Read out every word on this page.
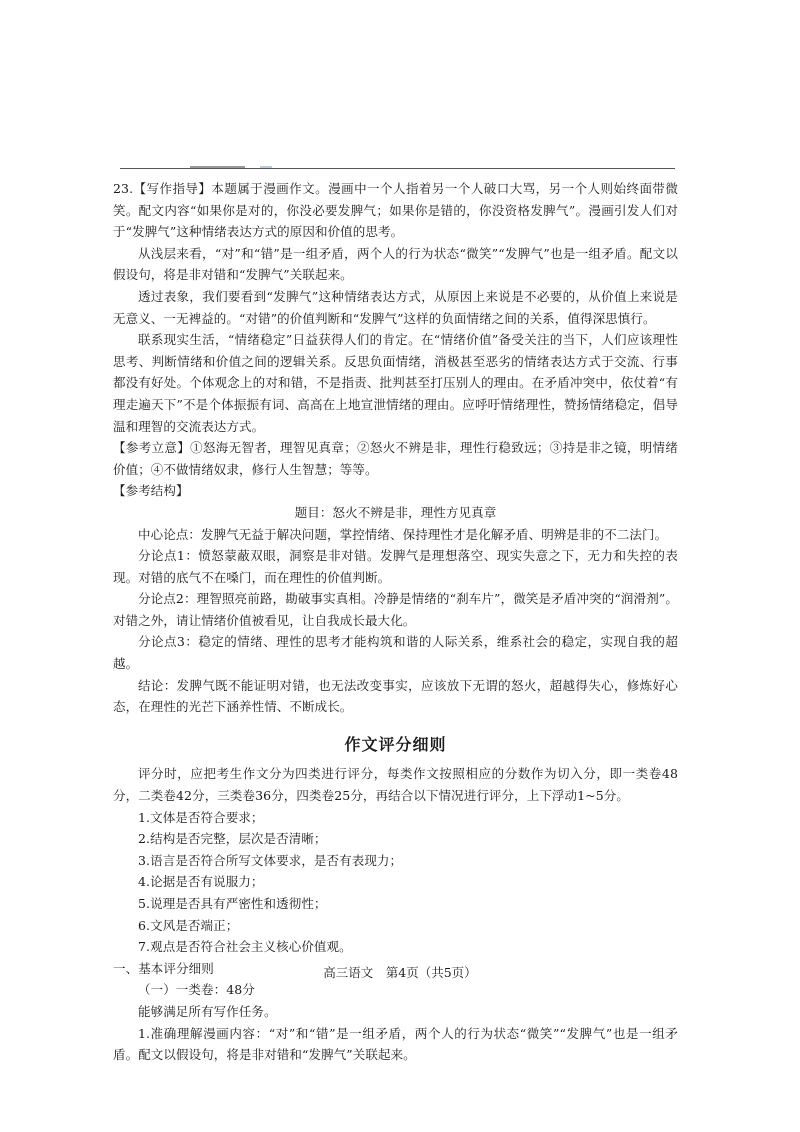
23.【写作指导】本题属于漫画作文。漫画中一个人指着另一个人破口大骂，另一个人则始终面带微笑。配文内容“如果你是对的，你没必要发脾气；如果你是错的，你没资格发脾气”。漫画引发人们对于“发脾气”这种情绪表达方式的原因和价值的思考。

从浅层来看，“对”和“错”是一组矛盾，两个人的行为状态“微笑”“发脾气”也是一组矛盾。配文以假设句，将是非对错和“发脾气”关联起来。

透过表象，我们要看到“发脾气”这种情绪表达方式，从原因上来说是不必要的，从价值上来说是无意义、一无裨益的。“对错”的价值判断和“发脾气”这样的负面情绪之间的关系，值得深思慎行。

联系现实生活，“情绪稳定”日益获得人们的肯定。在“情绪价值”备受关注的当下，人们应该理性思考、判断情绪和价值之间的逻辑关系。反思负面情绪，消极甚至恶劣的情绪表达方式于交流、行事都没有好处。个体观念上的对和错，不是指责、批判甚至打压别人的理由。在矛盾冲突中，依仗着“有理走遍天下”不是个体振振有词、高高在上地宣泄情绪的理由。应呼吁情绪理性，赞扬情绪稳定，倡导温和理智的交流表达方式。

【参考立意】①怒海无智者，理智见真章；②怒火不辨是非，理性行稳致远；③持是非之镜，明情绪价值；④不做情绪奴隶，修行人生智慧；等等。

【参考结构】

题目：怒火不辨是非，理性方见真章

中心论点：发脾气无益于解决问题，掌控情绪、保持理性才是化解矛盾、明辨是非的不二法门。

分论点1：愤怒蒙蔽双眼，洞察是非对错。发脾气是理想落空、现实失意之下，无力和失控的表现。对错的底气不在嗓门，而在理性的价值判断。

分论点2：理智照亮前路，勘破事实真相。冷静是情绪的“刹车片”，微笑是矛盾冲突的“润滑剂”。对错之外，请让情绪价值被看见，让自我成长最大化。

分论点3：稳定的情绪、理性的思考才能构筑和谐的人际关系，维系社会的稳定，实现自我的超越。

结论：发脾气既不能证明对错，也无法改变事实，应该放下无谓的怒火，超越得失心，修炼好心态，在理性的光芒下涵养性情、不断成长。

作文评分细则

评分时，应把考生作文分为四类进行评分，每类作文按照相应的分数作为切入分，即一类卷48分，二类卷42分，三类卷36分，四类卷25分，再结合以下情况进行评分，上下浮动1~5分。

1.文体是否符合要求；

2.结构是否完整，层次是否清晰；

3.语言是否符合所写文体要求，是否有表现力；

4.论据是否有说服力；

5.说理是否具有严密性和透彻性；

6.文风是否端正；

7.观点是否符合社会主义核心价值观。

一、基本评分细则

（一）一类卷：48分

能够满足所有写作任务。

1.准确理解漫画内容：“对”和“错”是一组矛盾，两个人的行为状态“微笑”“发脾气”也是一组矛盾。配文以假设句，将是非对错和“发脾气”关联起来。

高三语文　第4页（共5页）
